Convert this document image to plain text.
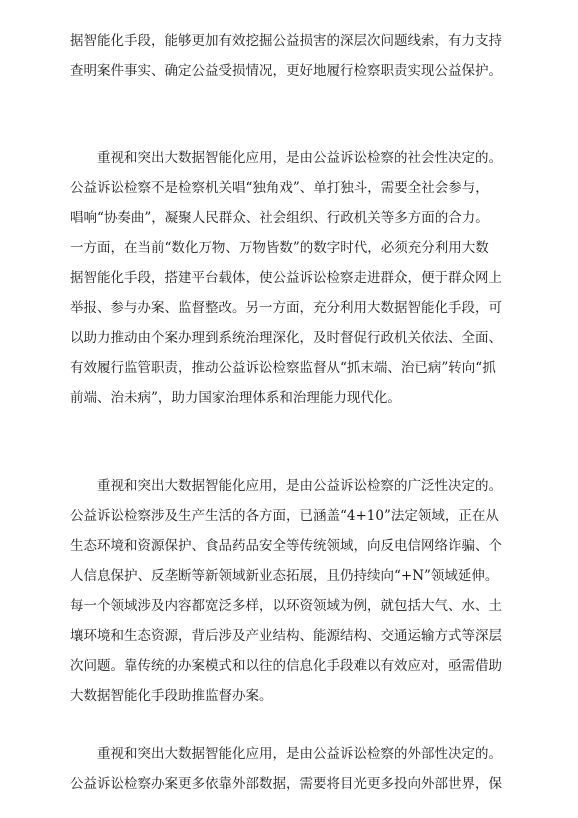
据智能化手段，能够更加有效挖掘公益损害的深层次问题线索，有力支持
查明案件事实、确定公益受损情况，更好地履行检察职责实现公益保护。
重视和突出大数据智能化应用，是由公益诉讼检察的社会性决定的。
公益诉讼检察不是检察机关唱“独角戏”、单打独斗，需要全社会参与，
唱响“协奏曲”，凝聚人民群众、社会组织、行政机关等多方面的合力。
一方面，在当前“数化万物、万物皆数”的数字时代，必须充分利用大数
据智能化手段，搭建平台载体，使公益诉讼检察走进群众，便于群众网上
举报、参与办案、监督整改。另一方面，充分利用大数据智能化手段，可
以助力推动由个案办理到系统治理深化，及时督促行政机关依法、全面、
有效履行监管职责，推动公益诉讼检察监督从“抓末端、治已病”转向“抓
前端、治未病”，助力国家治理体系和治理能力现代化。
重视和突出大数据智能化应用，是由公益诉讼检察的广泛性决定的。
公益诉讼检察涉及生产生活的各方面，已涵盖“4+10”法定领域，正在从
生态环境和资源保护、食品药品安全等传统领域，向反电信网络诈骗、个
人信息保护、反垄断等新领域新业态拓展，且仍持续向“+N”领域延伸。
每一个领域涉及内容都宽泛多样，以环资领域为例，就包括大气、水、土
壤环境和生态资源，背后涉及产业结构、能源结构、交通运输方式等深层
次问题。靠传统的办案模式和以往的信息化手段难以有效应对，亟需借助
大数据智能化手段助推监督办案。
重视和突出大数据智能化应用，是由公益诉讼检察的外部性决定的。
公益诉讼检察办案更多依靠外部数据，需要将目光更多投向外部世界，保
